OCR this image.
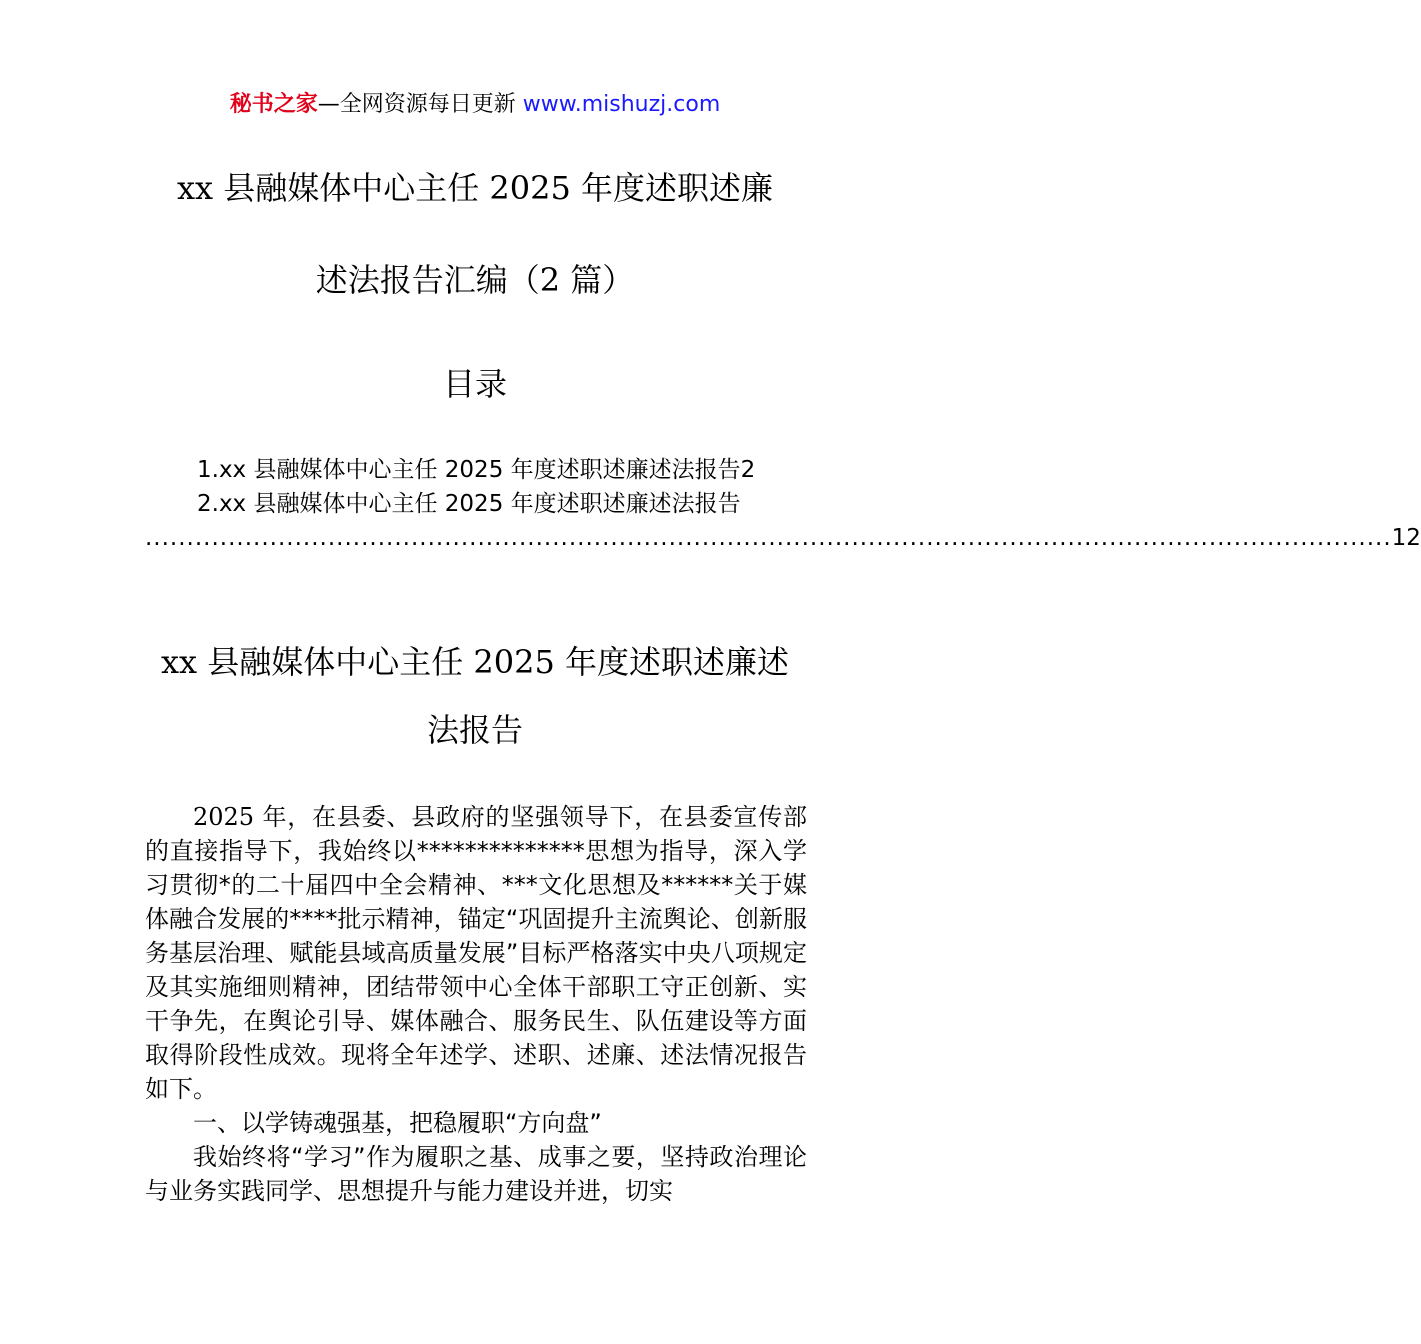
秘书之家—全网资源每日更新 www.mishuzj.com
xx 县融媒体中心主任 2025 年度述职述廉
述法报告汇编（2 篇）
目录
1.xx 县融媒体中心主任 2025 年度述职述廉述法报告2
2.xx 县融媒体中心主任 2025 年度述职述廉述法报告
...................................................................................................................................................... 12
xx 县融媒体中心主任 2025 年度述职述廉述
法报告

2025 年，在县委、县政府的坚强领导下，在县委宣传部的直接指导下，我始终以**************思想为指导，深入学习贯彻*的二十届四中全会精神、***文化思想及******关于媒体融合发展的****批示精神，锚定“巩固提升主流舆论、创新服务基层治理、赋能县域高质量发展”目标严格落实中央八项规定及其实施细则精神，团结带领中心全体干部职工守正创新、实干争先，在舆论引导、媒体融合、服务民生、队伍建设等方面取得阶段性成效。现将全年述学、述职、述廉、述法情况报告如下。

一、以学铸魂强基，把稳履职“方向盘”

我始终将“学习”作为履职之基、成事之要，坚持政治理论与业务实践同学、思想提升与能力建设并进，切实
